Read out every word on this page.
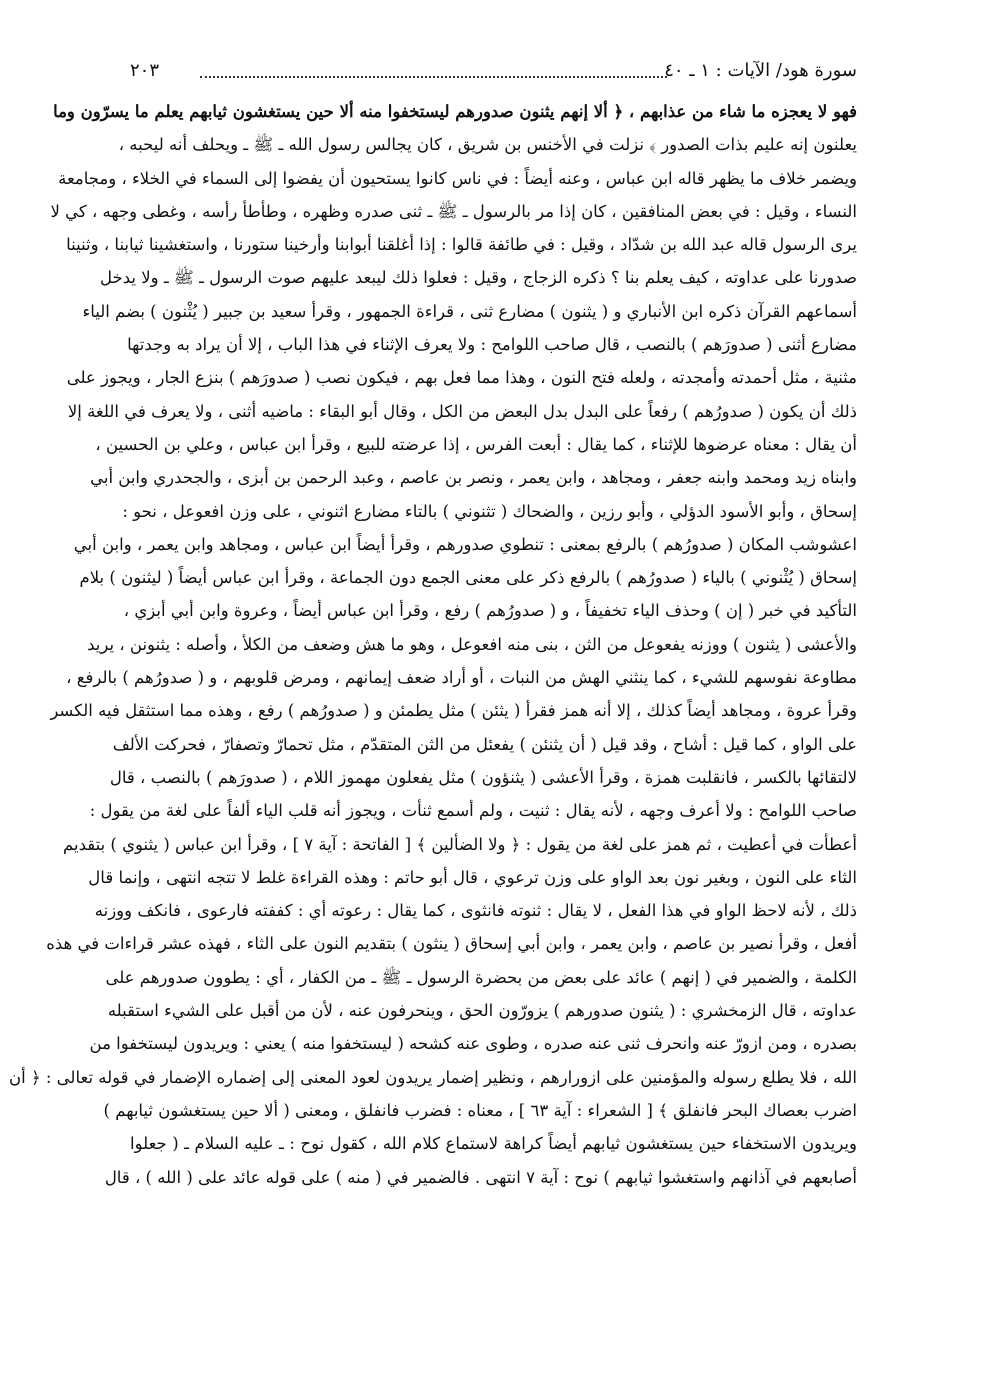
سورة هود/ الآيات : ١ ـ ٤٠
٢٠٣
فهو لا يعجزه ما شاء من عذابهم ، ﴿ ألا إنهم يثنون صدورهم ليستخفوا منه ألا حين يستغشون ثيابهم يعلم ما يسرّون وما
يعلنون إنه عليم بذات الصدور ﴾ نزلت في الأخنس بن شريق ، كان يجالس رسول الله ـ ﷺ ـ ويحلف أنه ليحبه ،
ويضمر خلاف ما يظهر قاله ابن عباس ، وعنه أيضاً : في ناس كانوا يستحيون أن يفضوا إلى السماء في الخلاء ، ومجامعة
النساء ، وقيل : في بعض المنافقين ، كان إذا مر بالرسول ـ ﷺ ـ ثنى صدره وظهره ، وطأطأ رأسه ، وغطى وجهه ، كي لا
يرى الرسول قاله عبد الله بن شدّاد ، وقيل : في طائفة قالوا : إذا أغلقنا أبوابنا وأرخينا ستورنا ، واستغشينا ثيابنا ، وثنينا
صدورنا على عداوته ، كيف يعلم بنا ؟ ذكره الزجاج ، وقيل : فعلوا ذلك ليبعد عليهم صوت الرسول ـ ﷺ ـ ولا يدخل
أسماعهم القرآن ذكره ابن الأنباري و ( يثنون ) مضارع ثنى ، قراءة الجمهور ، وقرأ سعيد بن جبير ( يُثْنون ) بضم الياء
مضارع أثنى ( صدورَهم ) بالنصب ، قال صاحب اللوامح : ولا يعرف الإثناء في هذا الباب ، إلا أن يراد به وجدتها
مثنية ، مثل أحمدته وأمجدته ، ولعله فتح النون ، وهذا مما فعل بهم ، فيكون نصب ( صدورَهم ) بنزع الجار ، ويجوز على
ذلك أن يكون ( صدورُهم ) رفعاً على البدل بدل البعض من الكل ، وقال أبو البقاء : ماضيه أثنى ، ولا يعرف في اللغة إلا
أن يقال : معناه عرضوها للإثناء ، كما يقال : أبعت الفرس ، إذا عرضته للبيع ، وقرأ ابن عباس ، وعلي بن الحسين ،
وابناه زيد ومحمد وابنه جعفر ، ومجاهد ، وابن يعمر ، ونصر بن عاصم ، وعبد الرحمن بن أبزى ، والجحدري وابن أبي
إسحاق ، وأبو الأسود الدؤلي ، وأبو رزين ، والضحاك ( تثنوني ) بالتاء مضارع اثنوني ، على وزن افعوعل ، نحو :
اعشوشب المكان ( صدورُهم ) بالرفع بمعنى : تنطوي صدورهم ، وقرأ أيضاً ابن عباس ، ومجاهد وابن يعمر ، وابن أبي
إسحاق ( يُثْنوني ) بالياء ( صدورُهم ) بالرفع ذكر على معنى الجمع دون الجماعة ، وقرأ ابن عباس أيضاً ( ليثنون ) بلام
التأكيد في خبر ( إن ) وحذف الياء تخفيفاً ، و ( صدورُهم ) رفع ، وقرأ ابن عباس أيضاً ، وعروة وابن أبي أبزي ،
والأعشى ( يثنون ) ووزنه يفعوعل من الثن ، بنى منه افعوعل ، وهو ما هش وضعف من الكلأ ، وأصله : يثنونن ، يريد
مطاوعة نفوسهم للشيء ، كما ينثني الهش من النبات ، أو أراد ضعف إيمانهم ، ومرض قلوبهم ، و ( صدورُهم ) بالرفع ،
وقرأ عروة ، ومجاهد أيضاً كذلك ، إلا أنه همز فقرأ ( يثئن ) مثل يطمئن و ( صدورُهم ) رفع ، وهذه مما استثقل فيه الكسر
على الواو ، كما قيل : أشاح ، وقد قيل ( أن يثنئن ) يفعئل من الثن المتقدّم ، مثل تحمارّ وتصفارّ ، فحركت الألف
لالتقائها بالكسر ، فانقلبت همزة ، وقرأ الأعشى ( يثنؤون ) مثل يفعلون مهموز اللام ، ( صدورَهم ) بالنصب ، قال
صاحب اللوامح : ولا أعرف وجهه ، لأنه يقال : ثنيت ، ولم أسمع ثنأت ، ويجوز أنه قلب الياء ألفاً على لغة من يقول :
أعطأت في أعطيت ، ثم همز على لغة من يقول : ﴿ ولا الضألين ﴾ [ الفاتحة : آية ٧ ] ، وقرأ ابن عباس ( يثنوي ) بتقديم
الثاء على النون ، وبغير نون بعد الواو على وزن ترعوي ، قال أبو حاتم : وهذه القراءة غلط لا تتجه انتهى ، وإنما قال
ذلك ، لأنه لاحظ الواو في هذا الفعل ، لا يقال : ثنوته فانثوى ، كما يقال : رعوته أي : كففته فارعوى ، فانكف ووزنه
أفعل ، وقرأ نصير بن عاصم ، وابن يعمر ، وابن أبي إسحاق ( ينثون ) بتقديم النون على الثاء ، فهذه عشر قراءات في هذه
الكلمة ، والضمير في ( إنهم ) عائد على بعض من بحضرة الرسول ـ ﷺ ـ من الكفار ، أي : يطوون صدورهم على
عداوته ، قال الزمخشري : ( يثنون صدورهم ) يزورّون الحق ، وينحرفون عنه ، لأن من أقبل على الشيء استقبله
بصدره ، ومن ازورّ عنه وانحرف ثنى عنه صدره ، وطوى عنه كشحه ( ليستخفوا منه ) يعني : ويريدون ليستخفوا من
الله ، فلا يطلع رسوله والمؤمنين على ازورارهم ، ونظير إضمار يريدون لعود المعنى إلى إضماره الإضمار في قوله تعالى : ﴿ أن
اضرب بعصاك البحر فانفلق ﴾ [ الشعراء : آية ٦٣ ] ، معناه : فضرب فانفلق ، ومعنى ( ألا حين يستغشون ثيابهم )
ويريدون الاستخفاء حين يستغشون ثيابهم أيضاً كراهة لاستماع كلام الله ، كقول نوح : ـ عليه السلام ـ ( جعلوا
أصابعهم في آذانهم واستغشوا ثيابهم ) نوح : آية ٧ انتهى . فالضمير في ( منه ) على قوله عائد على ( الله ) ، قال
